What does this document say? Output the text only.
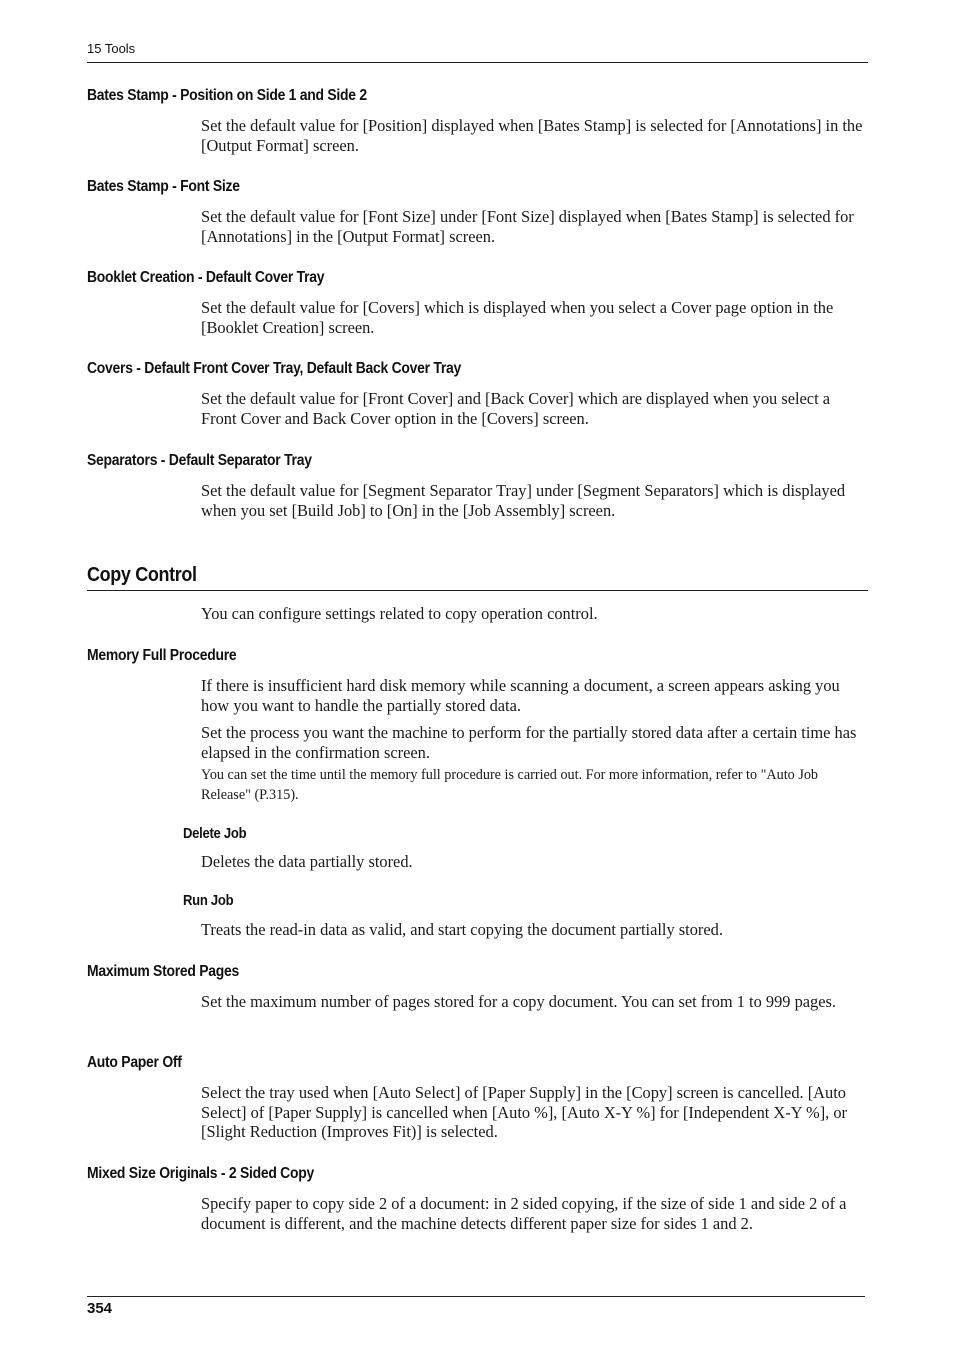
15 Tools
Bates Stamp - Position on Side 1 and Side 2

Set the default value for [Position] displayed when [Bates Stamp] is selected for [Annotations] in the [Output Format] screen.

Bates Stamp - Font Size

Set the default value for [Font Size] under [Font Size] displayed when [Bates Stamp] is selected for [Annotations] in the [Output Format] screen.

Booklet Creation - Default Cover Tray

Set the default value for [Covers] which is displayed when you select a Cover page option in the [Booklet Creation] screen.

Covers - Default Front Cover Tray, Default Back Cover Tray

Set the default value for [Front Cover] and [Back Cover] which are displayed when you select a Front Cover and Back Cover option in the [Covers] screen.

Separators - Default Separator Tray

Set the default value for [Segment Separator Tray] under [Segment Separators] which is displayed when you set [Build Job] to [On] in the [Job Assembly] screen.

Copy Control

You can configure settings related to copy operation control.

Memory Full Procedure

If there is insufficient hard disk memory while scanning a document, a screen appears asking you how you want to handle the partially stored data.

Set the process you want the machine to perform for the partially stored data after a certain time has elapsed in the confirmation screen.

You can set the time until the memory full procedure is carried out. For more information, refer to "Auto Job Release" (P.315).

Delete Job

Deletes the data partially stored.

Run Job

Treats the read-in data as valid, and start copying the document partially stored.

Maximum Stored Pages

Set the maximum number of pages stored for a copy document. You can set from 1 to 999 pages.

Auto Paper Off

Select the tray used when [Auto Select] of [Paper Supply] in the [Copy] screen is cancelled. [Auto Select] of [Paper Supply] is cancelled when [Auto %], [Auto X-Y %] for [Independent X-Y %], or [Slight Reduction (Improves Fit)] is selected.

Mixed Size Originals - 2 Sided Copy

Specify paper to copy side 2 of a document: in 2 sided copying, if the size of side 1 and side 2 of a document is different, and the machine detects different paper size for sides 1 and 2.

354
